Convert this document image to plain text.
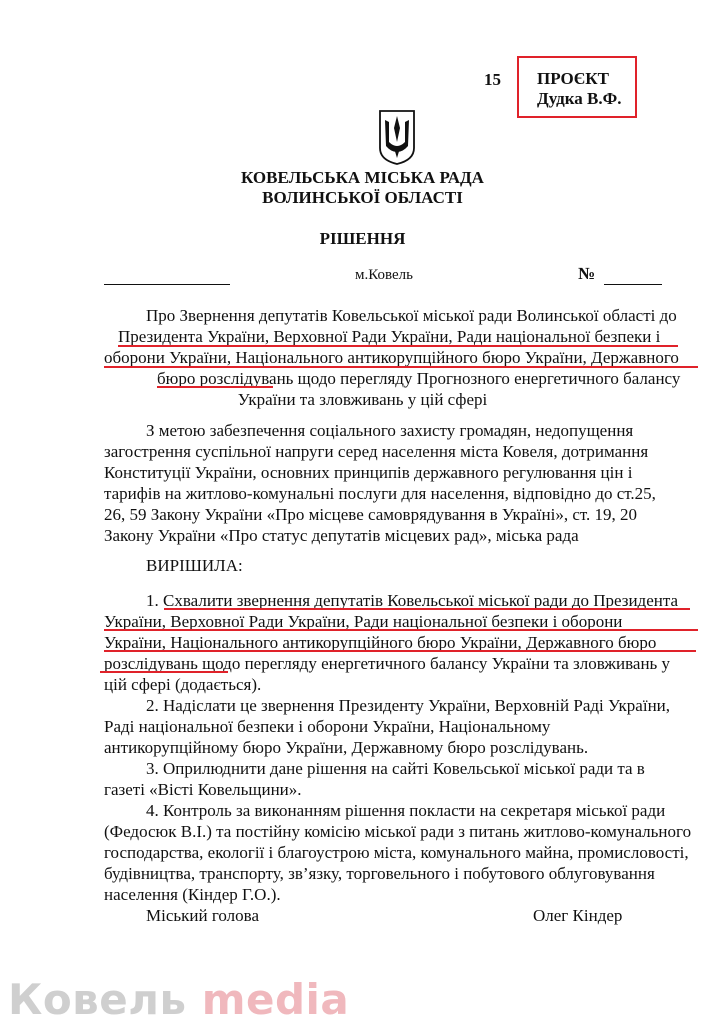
15 ПРОЄКТ
Дудка В.Ф.
КОВЕЛЬСЬКА МІСЬКА РАДА
ВОЛИНСЬКОЇ ОБЛАСТІ
РІШЕННЯ
м.Ковель	№
Про Звернення депутатів Ковельської міської ради Волинської області до
Президента України, Верховної Ради України, Ради національної безпеки і
оборони України, Національного антикорупційного бюро України, Державного
бюро розслідувань щодо перегляду Прогнозного енергетичного балансу
України та зловживань у цій сфері
З метою забезпечення соціального захисту громадян, недопущення
загострення суспільної напруги серед населення міста Ковеля, дотримання
Конституції України, основних принципів державного регулювання цін і
тарифів на житлово-комунальні послуги для населення, відповідно до ст.25,
26, 59 Закону України «Про місцеве самоврядування в Україні», ст. 19, 20
Закону України «Про статус депутатів місцевих рад», міська рада
ВИРІШИЛА:
1. Схвалити звернення депутатів Ковельської міської ради до Президента
України, Верховної Ради України, Ради національної безпеки і оборони
України, Національного антикорупційного бюро України, Державного бюро
розслідувань щодо перегляду енергетичного балансу України та зловживань у
цій сфері (додається).
2. Надіслати це звернення Президенту України, Верховній Раді України,
Раді національної безпеки і оборони України, Національному
антикорупційному бюро України, Державному бюро розслідувань.
3. Оприлюднити дане рішення на сайті Ковельської міської ради та в
газеті «Вісті Ковельщини».
4. Контроль за виконанням рішення покласти на секретаря міської ради
(Федосюк В.І.) та постійну комісію міської ради з питань житлово-комунального
господарства, екології і благоустрою міста, комунального майна, промисловості,
будівництва, транспорту, зв’язку, торговельного і побутового облуговування
населення (Кіндер Г.О.).
Міський голова	Олег Кіндер
Ковель media
